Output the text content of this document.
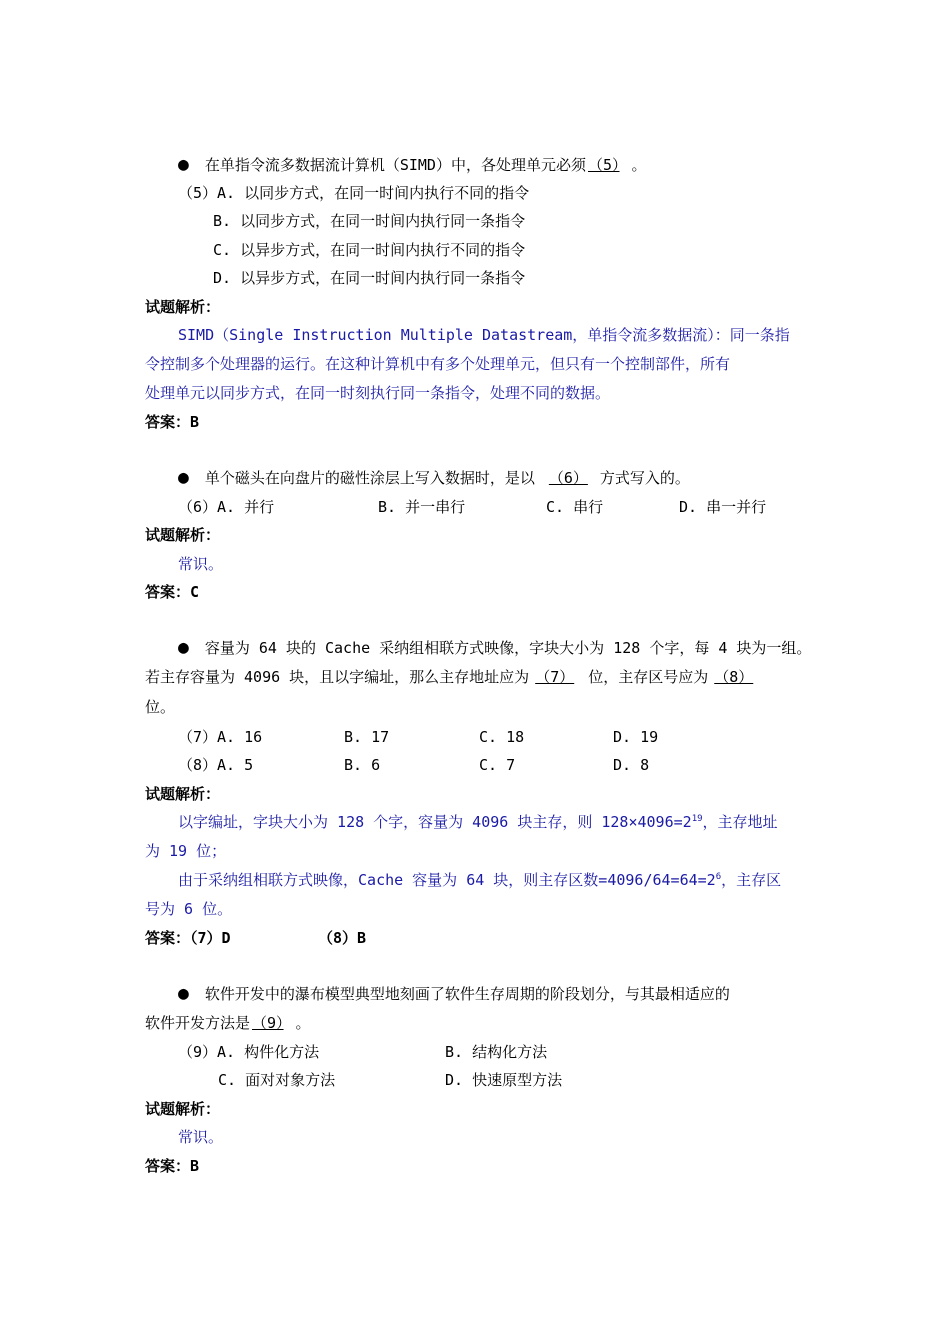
● 在单指令流多数据流计算机（SIMD）中，各处理单元必须 （5） 。
（5）A. 以同步方式，在同一时间内执行不同的指令
B. 以同步方式，在同一时间内执行同一条指令
C. 以异步方式，在同一时间内执行不同的指令
D. 以异步方式，在同一时间内执行同一条指令
试题解析：
SIMD（Single Instruction Multiple Datastream，单指令流多数据流）：同一条指
令控制多个处理器的运行。在这种计算机中有多个处理单元，但只有一个控制部件，所有
处理单元以同步方式，在同一时刻执行同一条指令，处理不同的数据。
答案：B
● 单个磁头在向盘片的磁性涂层上写入数据时，是以 （6） 方式写入的。
（6）A. 并行	B. 并一串行	C. 串行	D. 串一并行
试题解析：
常识。
答案：C
● 容量为 64 块的 Cache 采纳组相联方式映像，字块大小为 128 个字，每 4 块为一组。
若主存容量为 4096 块，且以字编址，那么主存地址应为 （7） 位，主存区号应为 （8）
位。
（7）A. 16	B. 17	C. 18	D. 19
（8）A. 5	B. 6	C. 7	D. 8
试题解析：
以字编址，字块大小为 128 个字，容量为 4096 块主存，则 $128\times 4096=2^{19}$，主存地址
为 19 位；
由于采纳组相联方式映像，Cache 容量为 64 块，则主存区数$=4096/64=64=2^6$，主存区
号为 6 位。
答案：（7）D	（8）B
● 软件开发中的瀑布模型典型地刻画了软件生存周期的阶段划分，与其最相适应的
软件开发方法是 （9） 。
（9）A. 构件化方法	B. 结构化方法
C. 面对对象方法	D. 快速原型方法
试题解析：
常识。
答案：B
